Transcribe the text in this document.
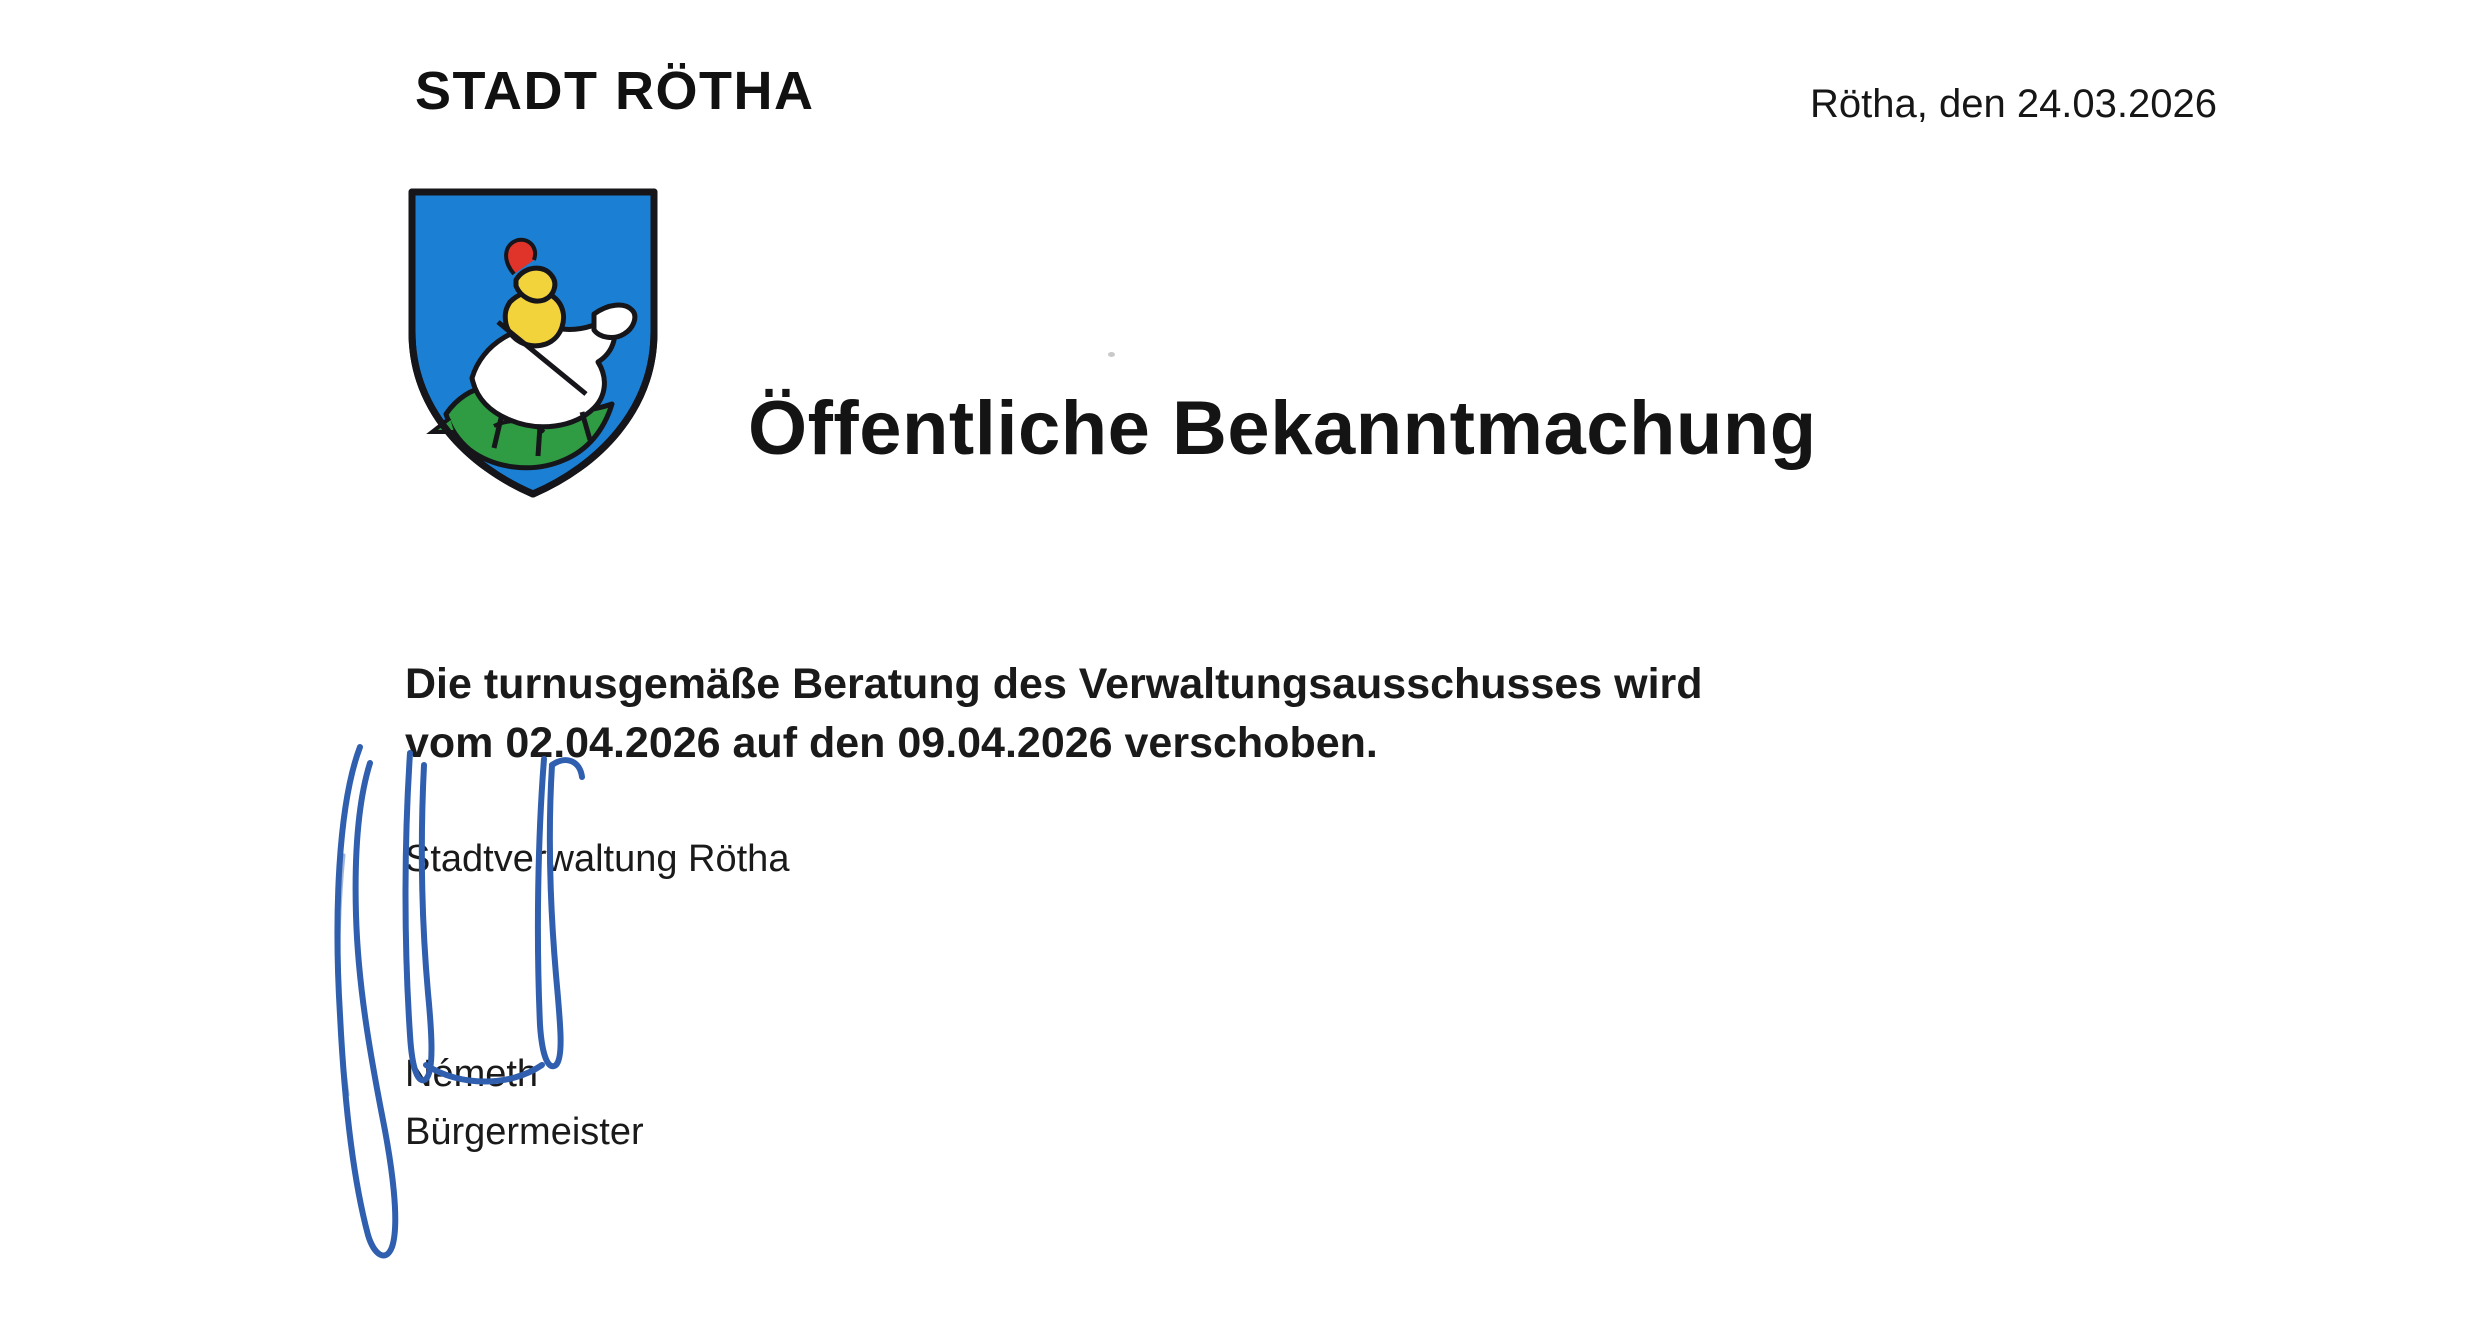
STADT RÖTHA	Rötha, den 24.03.2026
Öffentliche Bekanntmachung
Die turnusgemäße Beratung des Verwaltungsausschusses wird
vom 02.04.2026 auf den 09.04.2026 verschoben.
Stadtverwaltung Rötha
Németh
Bürgermeister
